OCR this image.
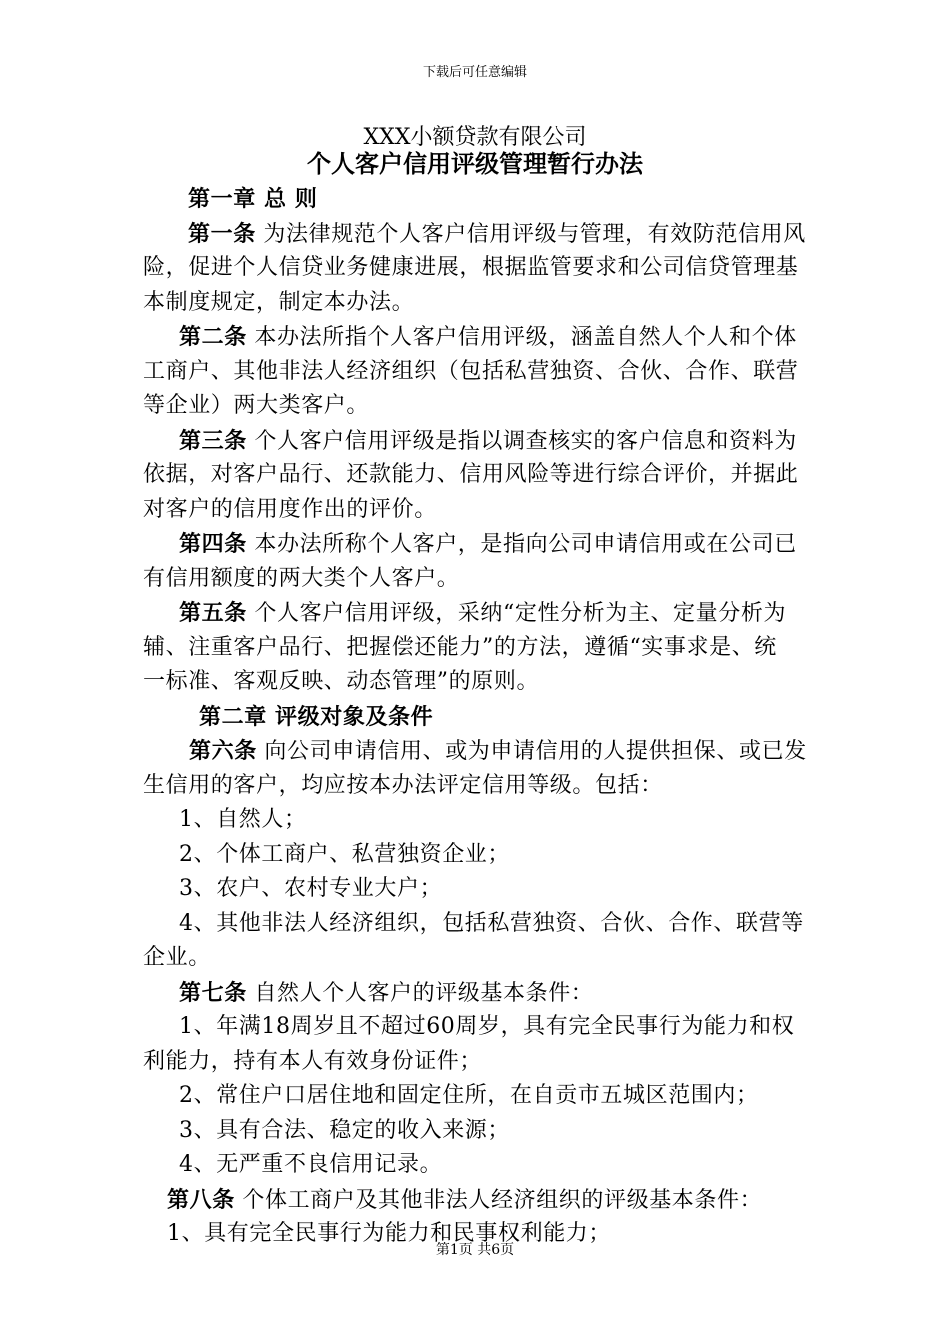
下载后可任意编辑
XXX小额贷款有限公司
个人客户信用评级管理暂行办法
第一章 总 则
第一条 为法律规范个人客户信用评级与管理，有效防范信用风
险，促进个人信贷业务健康进展，根据监管要求和公司信贷管理基
本制度规定，制定本办法。
第二条 本办法所指个人客户信用评级，涵盖自然人个人和个体
工商户、其他非法人经济组织（包括私营独资、合伙、合作、联营
等企业）两大类客户。
第三条 个人客户信用评级是指以调查核实的客户信息和资料为
依据，对客户品行、还款能力、信用风险等进行综合评价，并据此
对客户的信用度作出的评价。
第四条 本办法所称个人客户，是指向公司申请信用或在公司已
有信用额度的两大类个人客户。
第五条 个人客户信用评级，采纳“定性分析为主、定量分析为
辅、注重客户品行、把握偿还能力”的方法，遵循“实事求是、统
一标准、客观反映、动态管理”的原则。
第二章 评级对象及条件
第六条 向公司申请信用、或为申请信用的人提供担保、或已发
生信用的客户，均应按本办法评定信用等级。包括：
1、自然人；
2、个体工商户、私营独资企业；
3、农户、农村专业大户；
4、其他非法人经济组织，包括私营独资、合伙、合作、联营等
企业。
第七条 自然人个人客户的评级基本条件：
1、年满18周岁且不超过60周岁，具有完全民事行为能力和权
利能力，持有本人有效身份证件；
2、常住户口居住地和固定住所，在自贡市五城区范围内；
3、具有合法、稳定的收入来源；
4、无严重不良信用记录。
第八条 个体工商户及其他非法人经济组织的评级基本条件：
1、具有完全民事行为能力和民事权利能力；
第1页 共6页
